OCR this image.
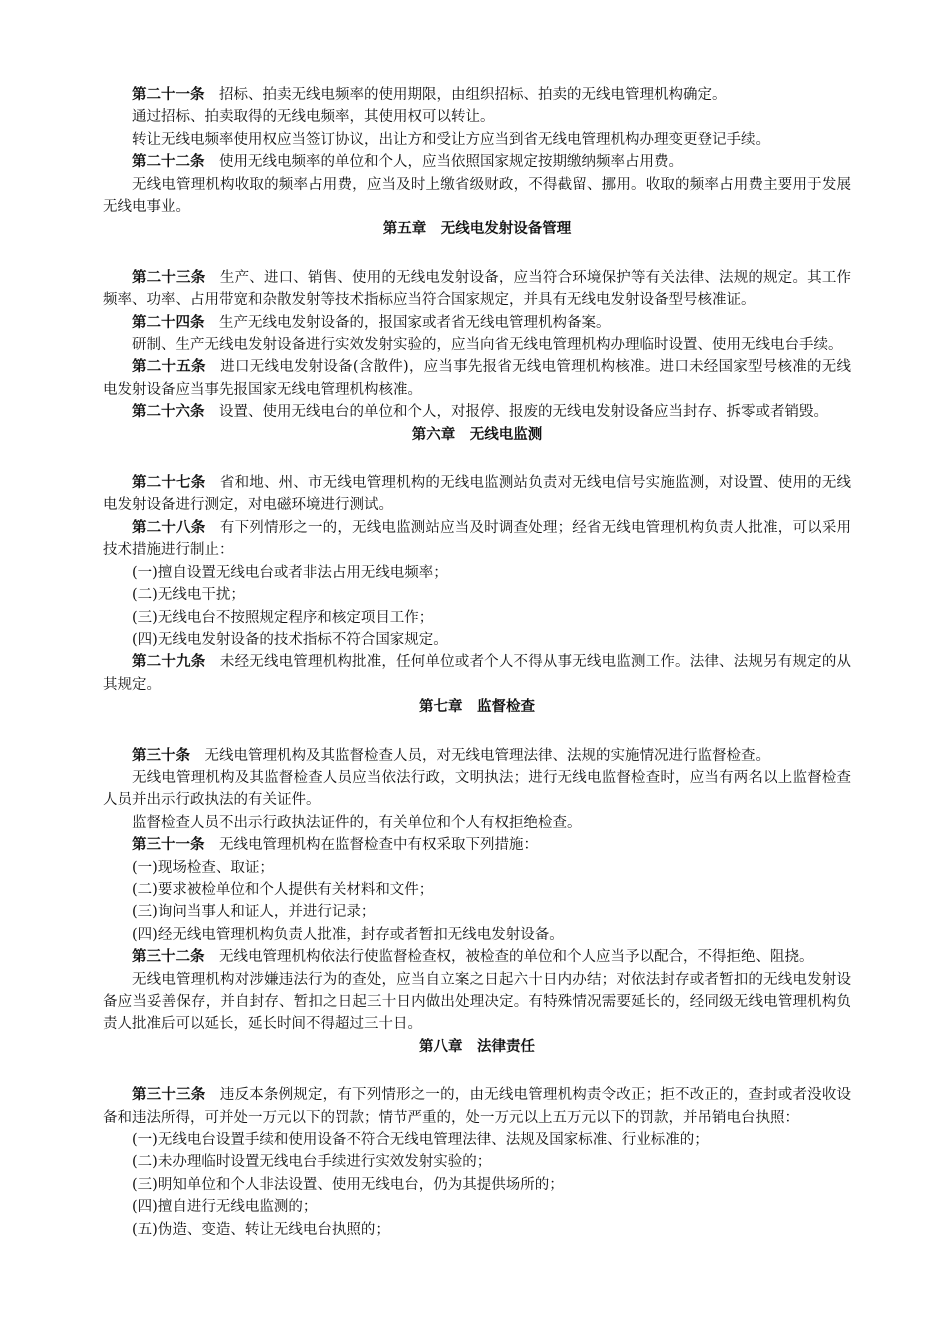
第二十一条 招标、拍卖无线电频率的使用期限，由组织招标、拍卖的无线电管理机构确定。

通过招标、拍卖取得的无线电频率，其使用权可以转让。

转让无线电频率使用权应当签订协议，出让方和受让方应当到省无线电管理机构办理变更登记手续。

第二十二条 使用无线电频率的单位和个人，应当依照国家规定按期缴纳频率占用费。

无线电管理机构收取的频率占用费，应当及时上缴省级财政，不得截留、挪用。收取的频率占用费主要用于发展无线电事业。

第五章　无线电发射设备管理

第二十三条 生产、进口、销售、使用的无线电发射设备，应当符合环境保护等有关法律、法规的规定。其工作频率、功率、占用带宽和杂散发射等技术指标应当符合国家规定，并具有无线电发射设备型号核准证。

第二十四条 生产无线电发射设备的，报国家或者省无线电管理机构备案。

研制、生产无线电发射设备进行实效发射实验的，应当向省无线电管理机构办理临时设置、使用无线电台手续。

第二十五条 进口无线电发射设备(含散件)，应当事先报省无线电管理机构核准。进口未经国家型号核准的无线电发射设备应当事先报国家无线电管理机构核准。

第二十六条 设置、使用无线电台的单位和个人，对报停、报废的无线电发射设备应当封存、拆零或者销毁。

第六章　无线电监测

第二十七条 省和地、州、市无线电管理机构的无线电监测站负责对无线电信号实施监测，对设置、使用的无线电发射设备进行测定，对电磁环境进行测试。

第二十八条 有下列情形之一的，无线电监测站应当及时调查处理；经省无线电管理机构负责人批准，可以采用技术措施进行制止：

(一)擅自设置无线电台或者非法占用无线电频率；

(二)无线电干扰；

(三)无线电台不按照规定程序和核定项目工作；

(四)无线电发射设备的技术指标不符合国家规定。

第二十九条 未经无线电管理机构批准，任何单位或者个人不得从事无线电监测工作。法律、法规另有规定的从其规定。

第七章　监督检查

第三十条 无线电管理机构及其监督检查人员，对无线电管理法律、法规的实施情况进行监督检查。

无线电管理机构及其监督检查人员应当依法行政，文明执法；进行无线电监督检查时，应当有两名以上监督检查人员并出示行政执法的有关证件。

监督检查人员不出示行政执法证件的，有关单位和个人有权拒绝检查。

第三十一条 无线电管理机构在监督检查中有权采取下列措施：

(一)现场检查、取证；

(二)要求被检单位和个人提供有关材料和文件；

(三)询问当事人和证人，并进行记录；

(四)经无线电管理机构负责人批准，封存或者暂扣无线电发射设备。

第三十二条 无线电管理机构依法行使监督检查权，被检查的单位和个人应当予以配合，不得拒绝、阻挠。

无线电管理机构对涉嫌违法行为的查处，应当自立案之日起六十日内办结；对依法封存或者暂扣的无线电发射设备应当妥善保存，并自封存、暂扣之日起三十日内做出处理决定。有特殊情况需要延长的，经同级无线电管理机构负责人批准后可以延长，延长时间不得超过三十日。

第八章　法律责任

第三十三条 违反本条例规定，有下列情形之一的，由无线电管理机构责令改正；拒不改正的，查封或者没收设备和违法所得，可并处一万元以下的罚款；情节严重的，处一万元以上五万元以下的罚款，并吊销电台执照：

(一)无线电台设置手续和使用设备不符合无线电管理法律、法规及国家标准、行业标准的；

(二)未办理临时设置无线电台手续进行实效发射实验的；

(三)明知单位和个人非法设置、使用无线电台，仍为其提供场所的；

(四)擅自进行无线电监测的；

(五)伪造、变造、转让无线电台执照的；
